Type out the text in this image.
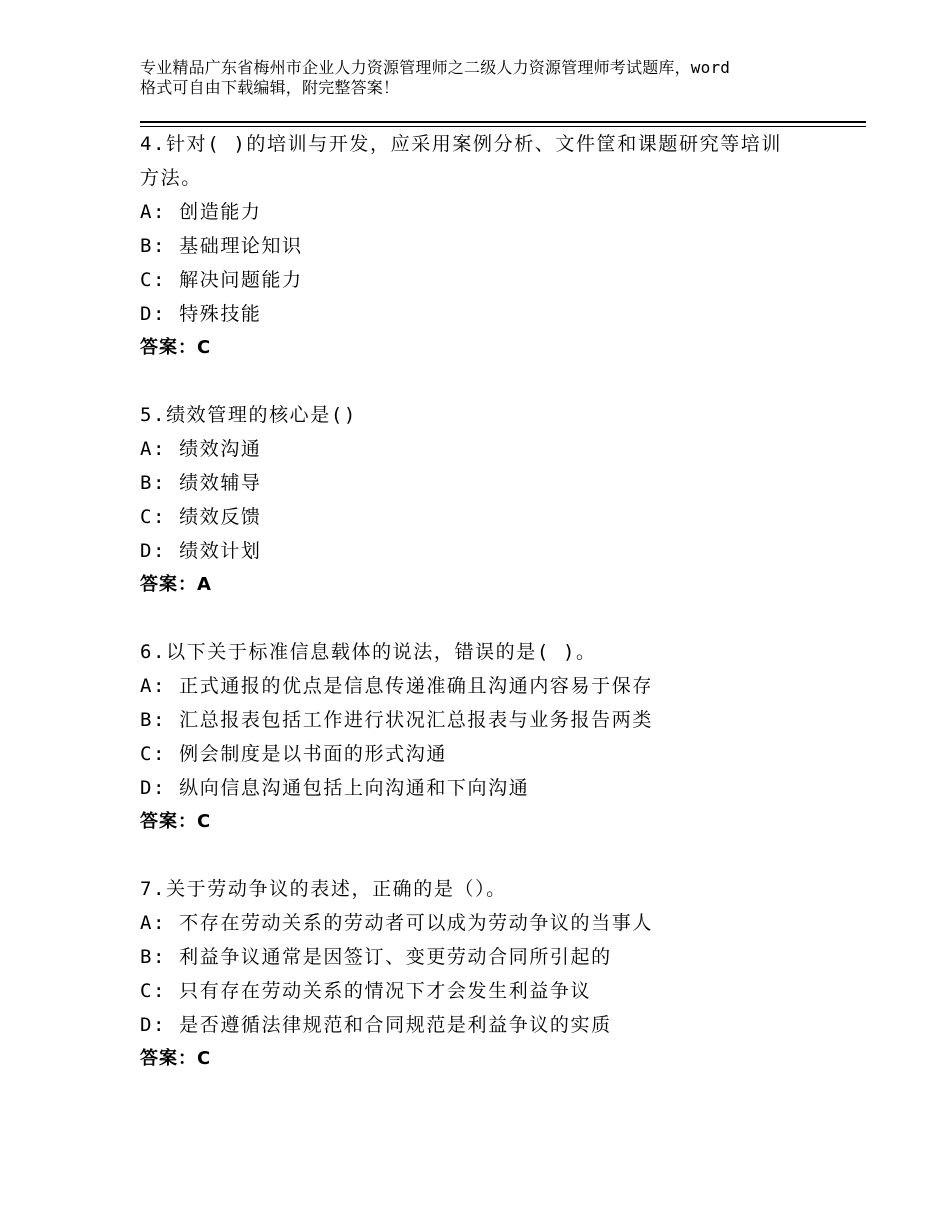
专业精品广东省梅州市企业人力资源管理师之二级人力资源管理师考试题库，word
格式可自由下载编辑，附完整答案！
4.针对( )的培训与开发，应采用案例分析、文件筐和课题研究等培训
方法。
A: 创造能力
B: 基础理论知识
C: 解决问题能力
D: 特殊技能
答案：C
5.绩效管理的核心是()
A: 绩效沟通
B: 绩效辅导
C: 绩效反馈
D: 绩效计划
答案：A
6.以下关于标准信息载体的说法，错误的是( )。
A: 正式通报的优点是信息传递准确且沟通内容易于保存
B: 汇总报表包括工作进行状况汇总报表与业务报告两类
C: 例会制度是以书面的形式沟通
D: 纵向信息沟通包括上向沟通和下向沟通
答案：C
7.关于劳动争议的表述，正确的是（）。
A: 不存在劳动关系的劳动者可以成为劳动争议的当事人
B: 利益争议通常是因签订、变更劳动合同所引起的
C: 只有存在劳动关系的情况下才会发生利益争议
D: 是否遵循法律规范和合同规范是利益争议的实质
答案：C
